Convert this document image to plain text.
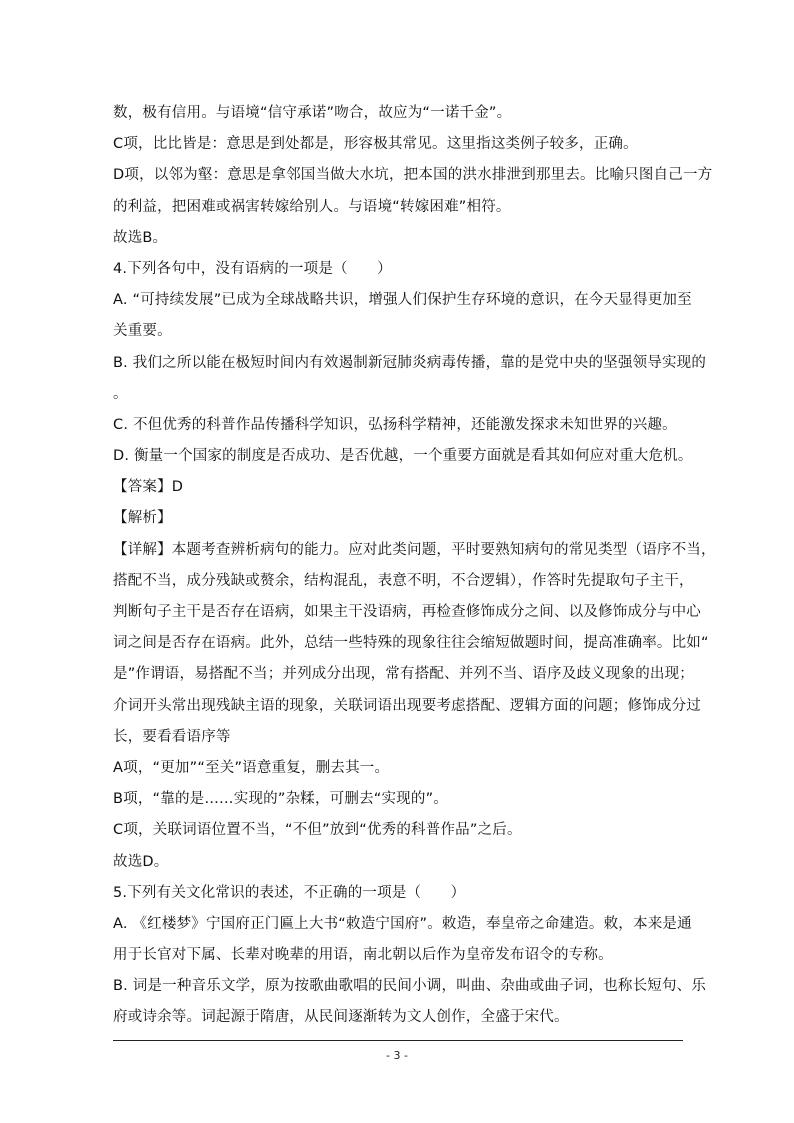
数，极有信用。与语境“信守承诺”吻合，故应为“一诺千金”。
C项，比比皆是：意思是到处都是，形容极其常见。这里指这类例子较多，正确。
D项，以邻为壑：意思是拿邻国当做大水坑，把本国的洪水排泄到那里去。比喻只图自己一方
的利益，把困难或祸害转嫁给别人。与语境“转嫁困难”相符。
故选B。
4.下列各句中，没有语病的一项是（　　）
A. “可持续发展”已成为全球战略共识，增强人们保护生存环境的意识，在今天显得更加至
关重要。
B. 我们之所以能在极短时间内有效遏制新冠肺炎病毒传播，靠的是党中央的坚强领导实现的
。
C. 不但优秀的科普作品传播科学知识，弘扬科学精神，还能激发探求未知世界的兴趣。
D. 衡量一个国家的制度是否成功、是否优越，一个重要方面就是看其如何应对重大危机。
【答案】D
【解析】
【详解】本题考查辨析病句的能力。应对此类问题，平时要熟知病句的常见类型（语序不当，
搭配不当，成分残缺或赘余，结构混乱，表意不明，不合逻辑），作答时先提取句子主干，
判断句子主干是否存在语病，如果主干没语病，再检查修饰成分之间、以及修饰成分与中心
词之间是否存在语病。此外，总结一些特殊的现象往往会缩短做题时间，提高准确率。比如“
是”作谓语，易搭配不当；并列成分出现，常有搭配、并列不当、语序及歧义现象的出现；
介词开头常出现残缺主语的现象，关联词语出现要考虑搭配、逻辑方面的问题；修饰成分过
长，要看看语序等
A项，“更加”“至关”语意重复，删去其一。
B项，“靠的是……实现的”杂糅，可删去“实现的”。
C项，关联词语位置不当，“不但”放到“优秀的科普作品”之后。
故选D。
5.下列有关文化常识的表述，不正确的一项是（　　）
A. 《红楼梦》宁国府正门匾上大书“敕造宁国府”。敕造，奉皇帝之命建造。敕，本来是通
用于长官对下属、长辈对晚辈的用语，南北朝以后作为皇帝发布诏令的专称。
B. 词是一种音乐文学，原为按歌曲歌唱的民间小调，叫曲、杂曲或曲子词，也称长短句、乐
府或诗余等。词起源于隋唐，从民间逐渐转为文人创作，全盛于宋代。
- 3 -
